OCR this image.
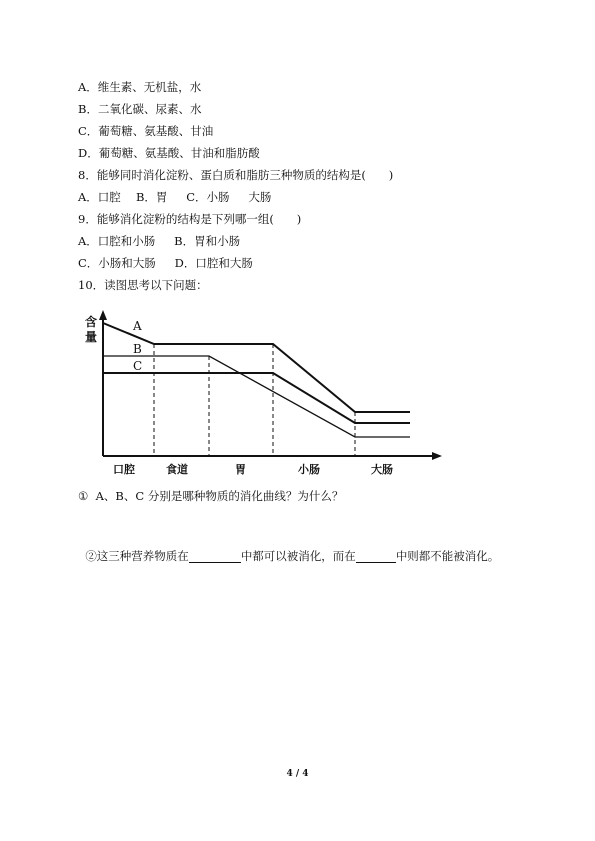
A．维生素、无机盐，水
B．二氧化碳、尿素、水
C．葡萄糖、氨基酸、甘油
D．葡萄糖、氨基酸、甘油和脂肪酸
8．能够同时消化淀粉、蛋白质和脂肪三种物质的结构是(　　)
A．口腔　 B．胃　  C．小肠 　 大肠
9．能够消化淀粉的结构是下列哪一组(　　)
A．口腔和小肠　  B．胃和小肠
C．小肠和大肠　  D．口腔和大肠
10．读图思考以下问题：
含
量
A
B
C
口腔	食道	胃	小肠	大肠
①  A、B、C 分别是哪种物质的消化曲线？为什么？

②这三种营养物质在	中都可以被消化，而在	中则都不能被消化。

4 / 4
